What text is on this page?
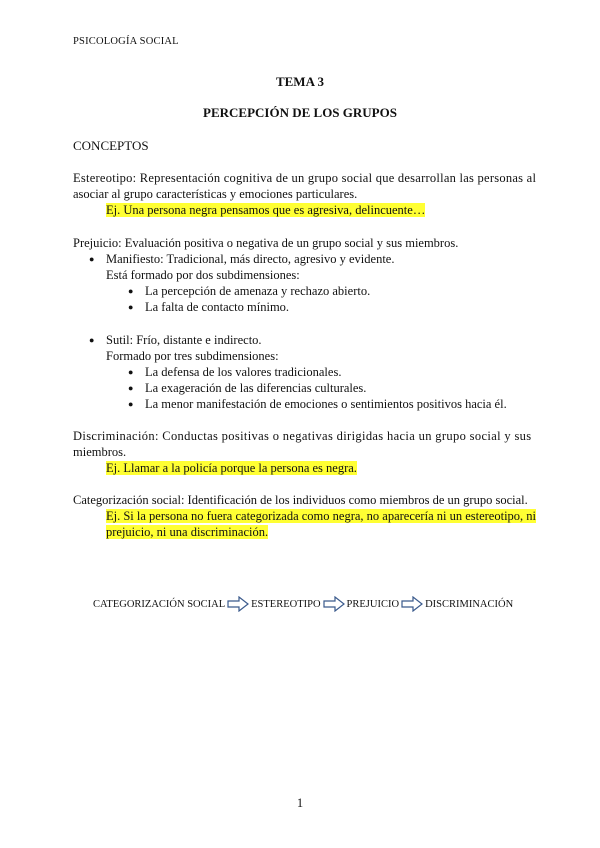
PSICOLOGÍA SOCIAL
TEMA 3
PERCEPCIÓN DE LOS GRUPOS
CONCEPTOS
Estereotipo: Representación cognitiva de un grupo social que desarrollan las personas al
asociar al grupo características y emociones particulares.
Ej. Una persona negra pensamos que es agresiva, delincuente…
Prejuicio: Evaluación positiva o negativa de un grupo social y sus miembros.
● Manifiesto: Tradicional, más directo, agresivo y evidente.
Está formado por dos subdimensiones:
● La percepción de amenaza y rechazo abierto.
● La falta de contacto mínimo.
● Sutil: Frío, distante e indirecto.
Formado por tres subdimensiones:
● La defensa de los valores tradicionales.
● La exageración de las diferencias culturales.
● La menor manifestación de emociones o sentimientos positivos hacia él.
Discriminación: Conductas positivas o negativas dirigidas hacia un grupo social y sus
miembros.
Ej. Llamar a la policía porque la persona es negra.
Categorización social: Identificación de los individuos como miembros de un grupo social.
Ej. Si la persona no fuera categorizada como negra, no aparecería ni un estereotipo, ni
prejuicio, ni una discriminación.
CATEGORIZACIÓN SOCIAL ESTEREOTIPO PREJUICIO DISCRIMINACIÓN
1
